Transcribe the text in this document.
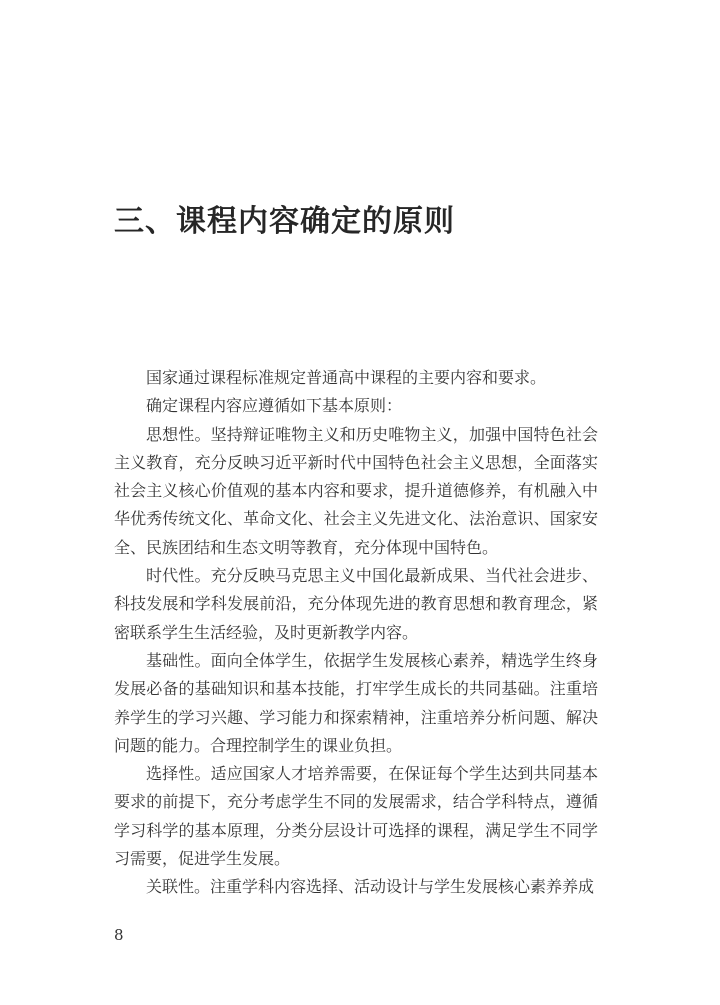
三、课程内容确定的原则

国家通过课程标准规定普通高中课程的主要内容和要求。

确定课程内容应遵循如下基本原则：

思想性。坚持辩证唯物主义和历史唯物主义，加强中国特色社会主义教育，充分反映习近平新时代中国特色社会主义思想，全面落实社会主义核心价值观的基本内容和要求，提升道德修养，有机融入中华优秀传统文化、革命文化、社会主义先进文化、法治意识、国家安全、民族团结和生态文明等教育，充分体现中国特色。

时代性。充分反映马克思主义中国化最新成果、当代社会进步、科技发展和学科发展前沿，充分体现先进的教育思想和教育理念，紧密联系学生生活经验，及时更新教学内容。

基础性。面向全体学生，依据学生发展核心素养，精选学生终身发展必备的基础知识和基本技能，打牢学生成长的共同基础。注重培养学生的学习兴趣、学习能力和探索精神，注重培养分析问题、解决问题的能力。合理控制学生的课业负担。

选择性。适应国家人才培养需要，在保证每个学生达到共同基本要求的前提下，充分考虑学生不同的发展需求，结合学科特点，遵循学习科学的基本原理，分类分层设计可选择的课程，满足学生不同学习需要，促进学生发展。

关联性。注重学科内容选择、活动设计与学生发展核心素养养成

8
